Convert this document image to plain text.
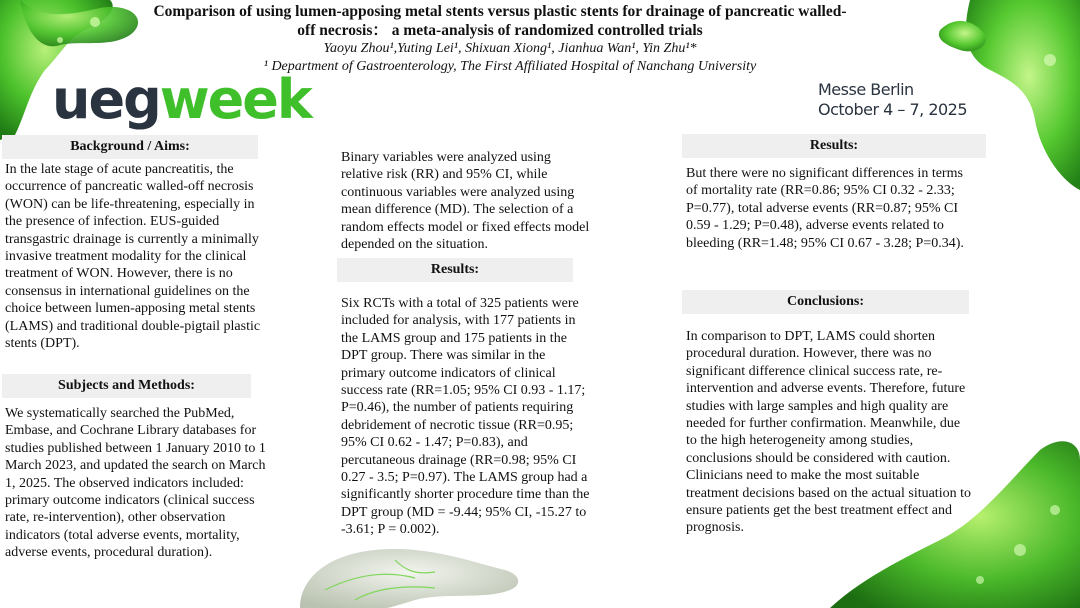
Comparison of using lumen-apposing metal stents versus plastic stents for drainage of pancreatic walled-off necrosis： a meta-analysis of randomized controlled trials
Yaoyu Zhou¹,Yuting Lei¹, Shixuan Xiong¹, Jianhua Wan¹, Yin Zhu¹*
¹ Department of Gastroenterology, The First Affiliated Hospital of Nanchang University
uegweek	Messe Berlin
October 4 – 7, 2025
Background / Aims:
In the late stage of acute pancreatitis, the occurrence of pancreatic walled-off necrosis (WON) can be life-threatening, especially in the presence of infection. EUS-guided transgastric drainage is currently a minimally invasive treatment modality for the clinical treatment of WON. However, there is no consensus in international guidelines on the choice between lumen-apposing metal stents (LAMS) and traditional double-pigtail plastic stents (DPT).
Subjects and Methods:
We systematically searched the PubMed, Embase, and Cochrane Library databases for studies published between 1 January 2010 to 1 March 2023, and updated the search on March 1, 2025. The observed indicators included: primary outcome indicators (clinical success rate, re-intervention), other observation indicators (total adverse events, mortality, adverse events, procedural duration).
Binary variables were analyzed using relative risk (RR) and 95% CI, while continuous variables were analyzed using mean difference (MD). The selection of a random effects model or fixed effects model depended on the situation.
Results:
Six RCTs with a total of 325 patients were included for analysis, with 177 patients in the LAMS group and 175 patients in the DPT group. There was similar in the primary outcome indicators of clinical success rate (RR=1.05; 95% CI 0.93 - 1.17; P=0.46), the number of patients requiring debridement of necrotic tissue (RR=0.95; 95% CI 0.62 - 1.47; P=0.83), and percutaneous drainage (RR=0.98; 95% CI 0.27 - 3.5; P=0.97). The LAMS group had a significantly shorter procedure time than the DPT group (MD = -9.44; 95% CI, -15.27 to -3.61; P = 0.002).
Results:
But there were no significant differences in terms of mortality rate (RR=0.86; 95% CI 0.32 - 2.33; P=0.77), total adverse events (RR=0.87; 95% CI 0.59 - 1.29; P=0.48), adverse events related to bleeding (RR=1.48; 95% CI 0.67 - 3.28; P=0.34).
Conclusions:
In comparison to DPT, LAMS could shorten procedural duration. However, there was no significant difference clinical success rate, re-intervention and adverse events. Therefore, future studies with large samples and high quality are needed for further confirmation. Meanwhile, due to the high heterogeneity among studies, conclusions should be considered with caution. Clinicians need to make the most suitable treatment decisions based on the actual situation to ensure patients get the best treatment effect and prognosis.
